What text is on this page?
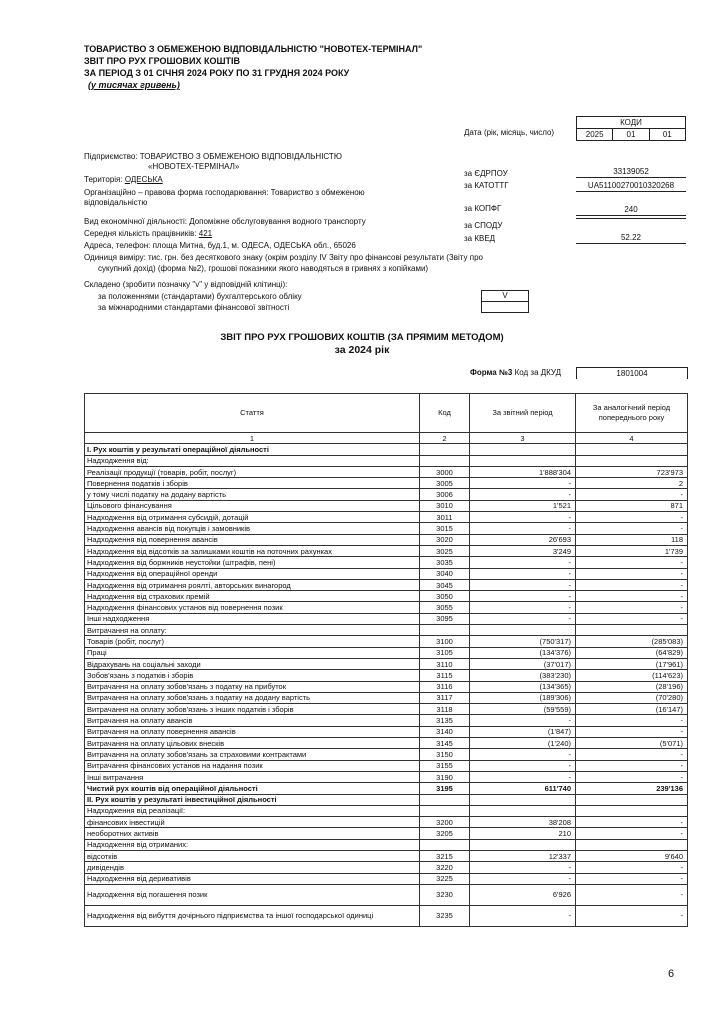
ТОВАРИСТВО З ОБМЕЖЕНОЮ ВІДПОВІДАЛЬНІСТЮ "НОВОТЕХ-ТЕРМІНАЛ"
ЗВІТ ПРО РУХ ГРОШОВИХ КОШТІВ
ЗА ПЕРІОД З 01 СІЧНЯ 2024 РОКУ ПО 31 ГРУДНЯ 2024 РОКУ
(у тисячах гривень)
КОДИ
2025	01	01
Дата (рік, місяць, число)
за ЄДРПОУ	33139052
за КАТОТТГ	UA51100270010320268
за КОПФГ	240
за СПОДУ
за КВЕД	52.22
Підприємство: ТОВАРИСТВО З ОБМЕЖЕНОЮ ВІДПОВІДАЛЬНІСТЮ
«НОВОТЕХ-ТЕРМІНАЛ»
Територія: ОДЕСЬКА
Організаційно – правова форма господарювання: Товариство з обмеженою
відповідальністю
Вид економічної діяльності: Допоміжне обслуговування водного транспорту
Середня кількість працівників: 421
Адреса, телефон: площа Митна, буд.1, м. ОДЕСА, ОДЕСЬКА обл., 65026
Одиниця виміру: тис. грн. без десяткового знаку (окрім розділу IV Звіту про фінансові результати (Звіту про
сукупний дохід) (форма №2), грошові показники якого наводяться в гривнях з копійками)
Складено (зробити позначку "v" у відповідній клітинці):
за положеннями (стандартами) бухгалтерського обліку
за міжнародними стандартами фінансової звітності
V
ЗВІТ ПРО РУХ ГРОШОВИХ КОШТІВ (ЗА ПРЯМИМ МЕТОДОМ)
за 2024 рік
Форма №3 Код за ДКУД	1801004
Стаття	Код	За звітний період	За аналогічний період попереднього року
1	2	3	4
I. Рух коштів у результаті операційної діяльності			
Надходження від:			
Реалізації продукції (товарів, робіт, послуг)	3000	1'888'304	723'973
Повернення податків і зборів	3005	-	2
у тому числі податку на додану вартість	3006	-	-
Цільового фінансування	3010	1'521	871
Надходження від отримання субсидій, дотацій	3011	-	-
Надходження авансів від покупців і замовників	3015	-	-
Надходження від повернення авансів	3020	26'693	118
Надходження від відсотків за залишками коштів на поточних рахунках	3025	3'249	1'739
Надходження від боржників неустойки (штрафів, пені)	3035	-	-
Надходження від операційної оренди	3040	-	-
Надходження від отримання роялті, авторських винагород	3045	-	-
Надходження від страхових премій	3050	-	-
Надходження фінансових установ від повернення позик	3055	-	-
Інші надходження	3095	-	-
Витрачання на оплату:			
Товарів (робіт, послуг)	3100	(750'317)	(285'083)
Праці	3105	(134'376)	(64'829)
Відрахувань на соціальні заходи	3110	(37'017)	(17'961)
Зобов'язань з податків і зборів	3115	(383'230)	(114'623)
Витрачання на оплату зобов'язань з податку на прибуток	3116	(134'365)	(28'196)
Витрачання на оплату зобов'язань з податку на додану вартість	3117	(189'306)	(70'280)
Витрачання на оплату зобов'язань з інших податків і зборів	3118	(59'559)	(16'147)
Витрачання на оплату авансів	3135	-	-
Витрачання на оплату повернення авансів	3140	(1'847)	-
Витрачання на оплату цільових внесків	3145	(1'240)	(5'071)
Витрачання на оплату зобов'язань за страховими контрактами	3150	-	-
Витрачання фінансових установ на надання позик	3155	-	-
Інші витрачання	3190	-	-
Чистий рух коштів від операційної діяльності	3195	611'740	239'136
II. Рух коштів у результаті інвестиційної діяльності			
Надходження від реалізації:			
фінансових інвестицій	3200	38'208	-
необоротних активів	3205	210	-
Надходження від отриманих:			
відсотків	3215	12'337	9'640
дивідендів	3220	-	-
Надходження від деривативів	3225	-	-
Надходження від погашення позик	3230	6'926	-
Надходження від вибуття дочірнього підприємства та іншої господарської одиниці	3235	-	-
6
